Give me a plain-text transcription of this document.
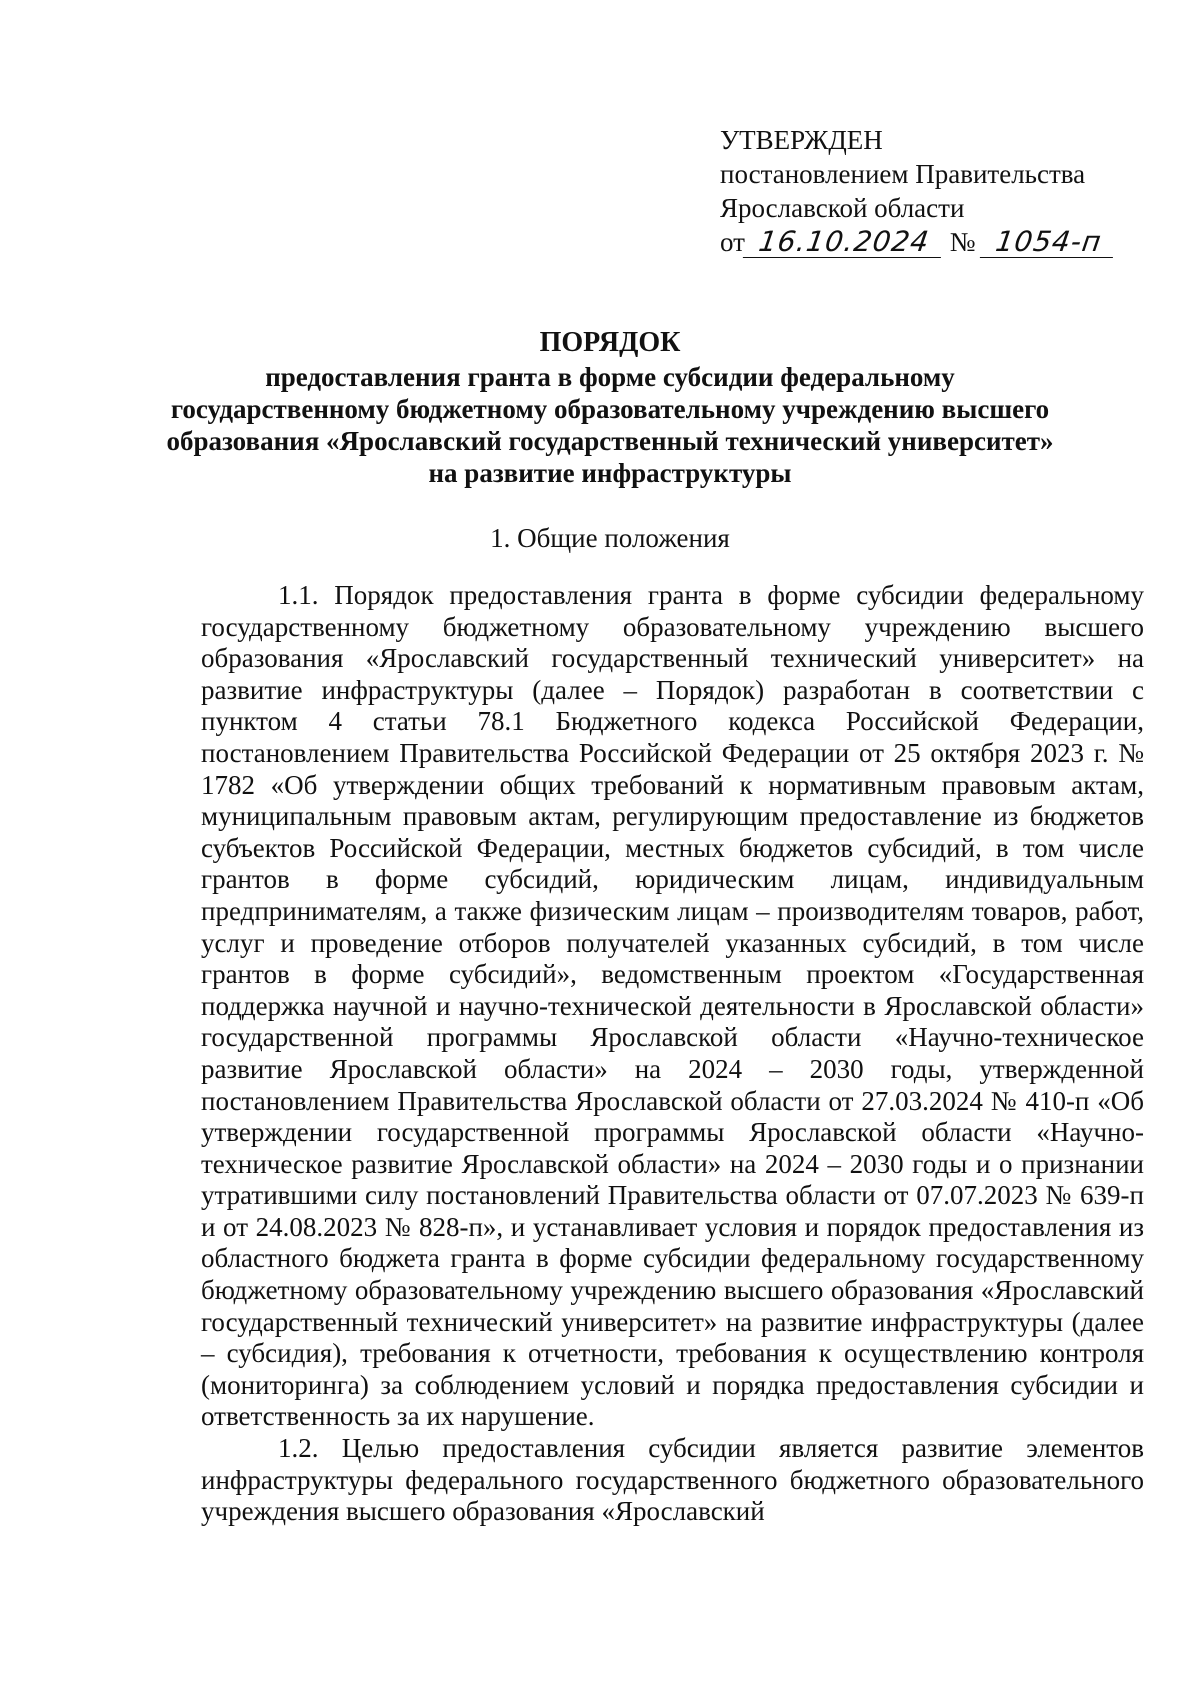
УТВЕРЖДЕН
постановлением Правительства
Ярославской области
от 16.10.2024 № 1054-п
ПОРЯДОК
предоставления гранта в форме субсидии федеральному
государственному бюджетному образовательному учреждению высшего
образования «Ярославский государственный технический университет»
на развитие инфраструктуры
1. Общие положения

1.1. Порядок предоставления гранта в форме субсидии федеральному государственному бюджетному образовательному учреждению высшего образования «Ярославский государственный технический университет» на развитие инфраструктуры (далее – Порядок) разработан в соответствии с пунктом 4 статьи 78.1 Бюджетного кодекса Российской Федерации, постановлением Правительства Российской Федерации от 25 октября 2023 г. № 1782 «Об утверждении общих требований к нормативным правовым актам, муниципальным правовым актам, регулирующим предоставление из бюджетов субъектов Российской Федерации, местных бюджетов субсидий, в том числе грантов в форме субсидий, юридическим лицам, индивидуальным предпринимателям, а также физическим лицам – производителям товаров, работ, услуг и проведение отборов получателей указанных субсидий, в том числе грантов в форме субсидий», ведомственным проектом «Государственная поддержка научной и научно-технической деятельности в Ярославской области» государственной программы Ярославской области «Научно-техническое развитие Ярославской области» на 2024 – 2030 годы, утвержденной постановлением Правительства Ярославской области от 27.03.2024 № 410-п «Об утверждении государственной программы Ярославской области «Научно-техническое развитие Ярославской области» на 2024 – 2030 годы и о признании утратившими силу постановлений Правительства области от 07.07.2023 № 639-п и от 24.08.2023 № 828-п», и устанавливает условия и порядок предоставления из областного бюджета гранта в форме субсидии федеральному государственному бюджетному образовательному учреждению высшего образования «Ярославский государственный технический университет» на развитие инфраструктуры (далее – субсидия), требования к отчетности, требования к осуществлению контроля (мониторинга) за соблюдением условий и порядка предоставления субсидии и ответственность за их нарушение.

1.2. Целью предоставления субсидии является развитие элементов инфраструктуры федерального государственного бюджетного образовательного учреждения высшего образования «Ярославский
